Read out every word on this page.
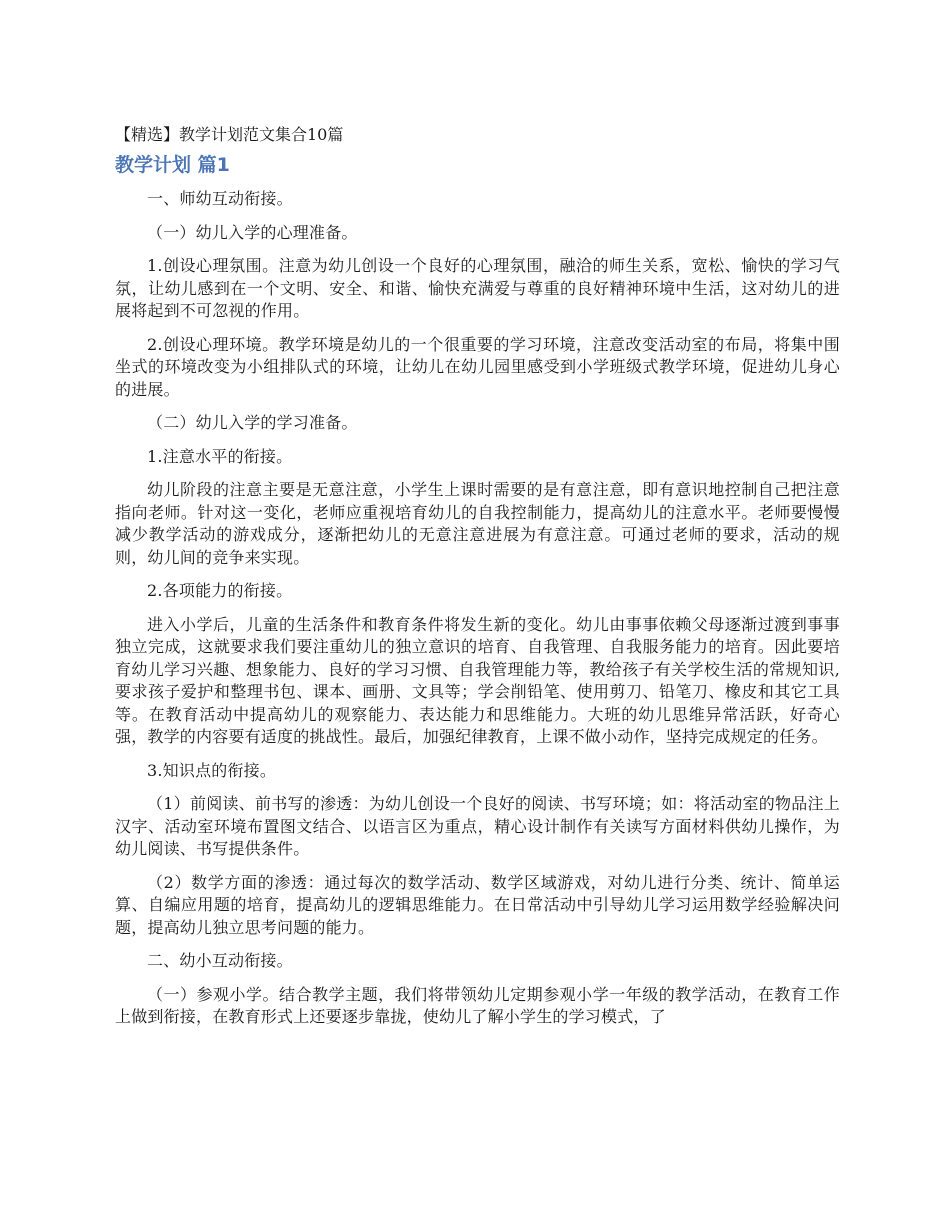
【精选】教学计划范文集合10篇
教学计划 篇1

一、师幼互动衔接。

（一）幼儿入学的心理准备。

1.创设心理氛围。注意为幼儿创设一个良好的心理氛围，融洽的师生关系，宽松、愉快的学习气氛，让幼儿感到在一个文明、安全、和谐、愉快充满爱与尊重的良好精神环境中生活，这对幼儿的进展将起到不可忽视的作用。

2.创设心理环境。教学环境是幼儿的一个很重要的学习环境，注意改变活动室的布局，将集中围坐式的环境改变为小组排队式的环境，让幼儿在幼儿园里感受到小学班级式教学环境，促进幼儿身心的进展。

（二）幼儿入学的学习准备。

1.注意水平的衔接。

幼儿阶段的注意主要是无意注意，小学生上课时需要的是有意注意，即有意识地控制自己把注意指向老师。针对这一变化，老师应重视培育幼儿的自我控制能力，提高幼儿的注意水平。老师要慢慢减少教学活动的游戏成分，逐渐把幼儿的无意注意进展为有意注意。可通过老师的要求，活动的规则，幼儿间的竞争来实现。

2.各项能力的衔接。

进入小学后，儿童的生活条件和教育条件将发生新的变化。幼儿由事事依赖父母逐渐过渡到事事独立完成，这就要求我们要注重幼儿的独立意识的培育、自我管理、自我服务能力的培育。因此要培育幼儿学习兴趣、想象能力、良好的学习习惯、自我管理能力等，教给孩子有关学校生活的常规知识,要求孩子爱护和整理书包、课本、画册、文具等；学会削铅笔、使用剪刀、铅笔刀、橡皮和其它工具等。在教育活动中提高幼儿的观察能力、表达能力和思维能力。大班的幼儿思维异常活跃，好奇心强，教学的内容要有适度的挑战性。最后，加强纪律教育，上课不做小动作，坚持完成规定的任务。

3.知识点的衔接。

（1）前阅读、前书写的渗透：为幼儿创设一个良好的阅读、书写环境；如：将活动室的物品注上汉字、活动室环境布置图文结合、以语言区为重点，精心设计制作有关读写方面材料供幼儿操作，为幼儿阅读、书写提供条件。

（2）数学方面的渗透：通过每次的数学活动、数学区域游戏，对幼儿进行分类、统计、简单运算、自编应用题的培育，提高幼儿的逻辑思维能力。在日常活动中引导幼儿学习运用数学经验解决问题，提高幼儿独立思考问题的能力。

二、幼小互动衔接。

（一）参观小学。结合教学主题，我们将带领幼儿定期参观小学一年级的教学活动，在教育工作上做到衔接，在教育形式上还要逐步靠拢，使幼儿了解小学生的学习模式，了
